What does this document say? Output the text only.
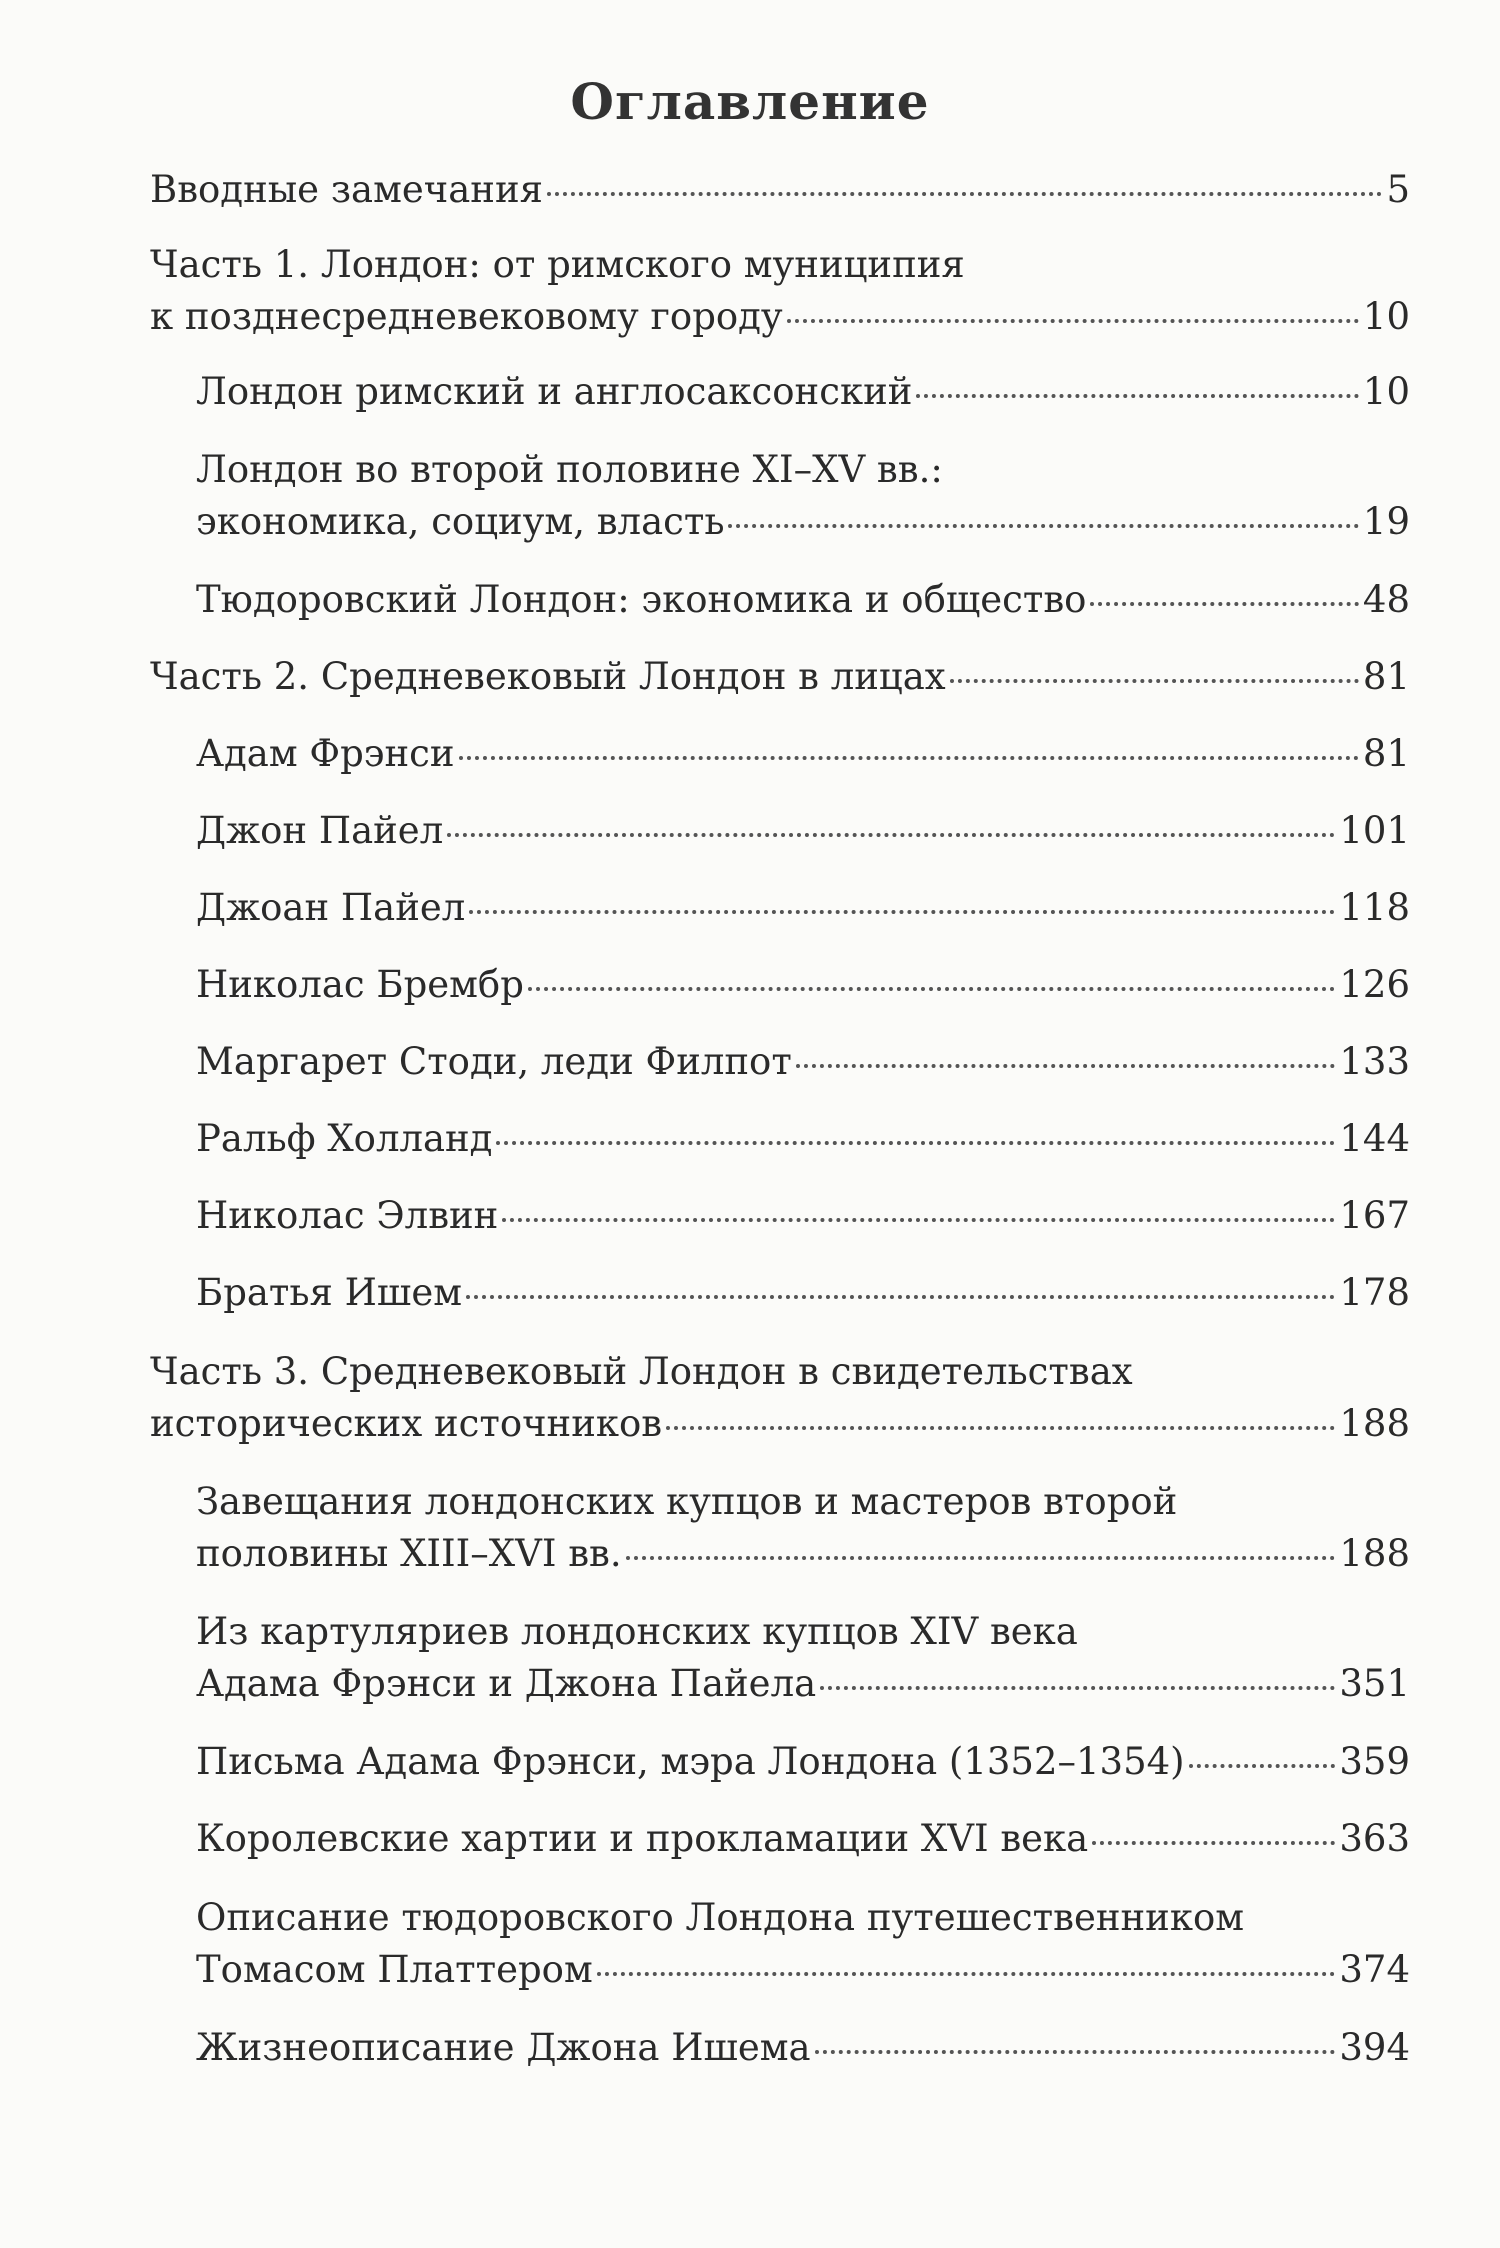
Оглавление
Вводные замечания	5
Часть 1. Лондон: от римского муниципия
к позднесредневековому городу	10
Лондон римский и англосаксонский	10
Лондон во второй половине XI–XV вв.:
экономика, социум, власть	19
Тюдоровский Лондон: экономика и общество	48
Часть 2. Средневековый Лондон в лицах	81
Адам Фрэнси	81
Джон Пайел	101
Джоан Пайел	118
Николас Брембр	126
Маргарет Стоди, леди Филпот	133
Ральф Холланд	144
Николас Элвин	167
Братья Ишем	178
Часть 3. Средневековый Лондон в свидетельствах
исторических источников	188
Завещания лондонских купцов и мастеров второй
половины XIII–XVI вв.	188
Из картуляриев лондонских купцов XIV века
Адама Фрэнси и Джона Пайела	351
Письма Адама Фрэнси, мэра Лондона (1352–1354)	359
Королевские хартии и прокламации XVI века	363
Описание тюдоровского Лондона путешественником
Томасом Платтером	374
Жизнеописание Джона Ишема	394
